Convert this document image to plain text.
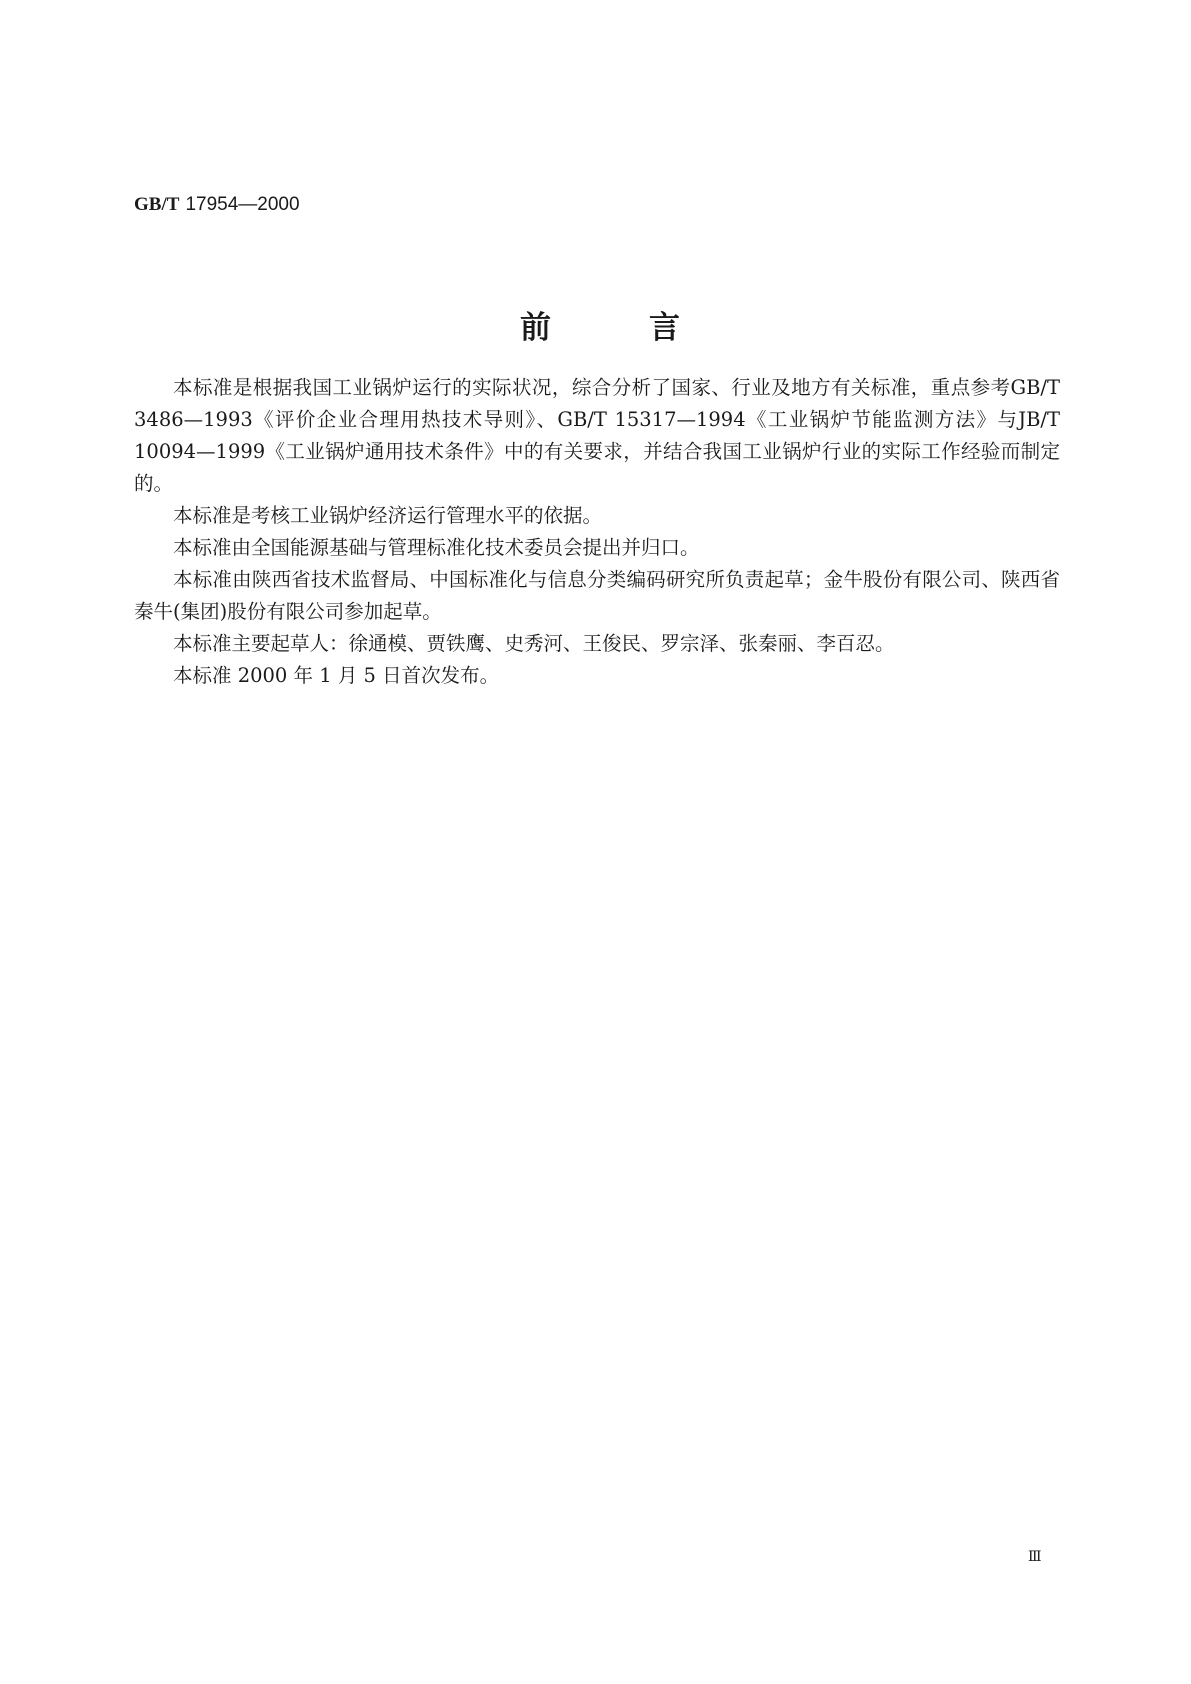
GB/T 17954—2000
前	言

本标准是根据我国工业锅炉运行的实际状况，综合分析了国家、行业及地方有关标准，重点参考GB/T 3486—1993《评价企业合理用热技术导则》、GB/T 15317—1994《工业锅炉节能监测方法》与JB/T 10094—1999《工业锅炉通用技术条件》中的有关要求，并结合我国工业锅炉行业的实际工作经验而制定的。

本标准是考核工业锅炉经济运行管理水平的依据。

本标准由全国能源基础与管理标准化技术委员会提出并归口。

本标准由陕西省技术监督局、中国标准化与信息分类编码研究所负责起草；金牛股份有限公司、陕西省秦牛(集团)股份有限公司参加起草。

本标准主要起草人：徐通模、贾铁鹰、史秀河、王俊民、罗宗泽、张秦丽、李百忍。

本标准 2000 年 1 月 5 日首次发布。

Ⅲ
